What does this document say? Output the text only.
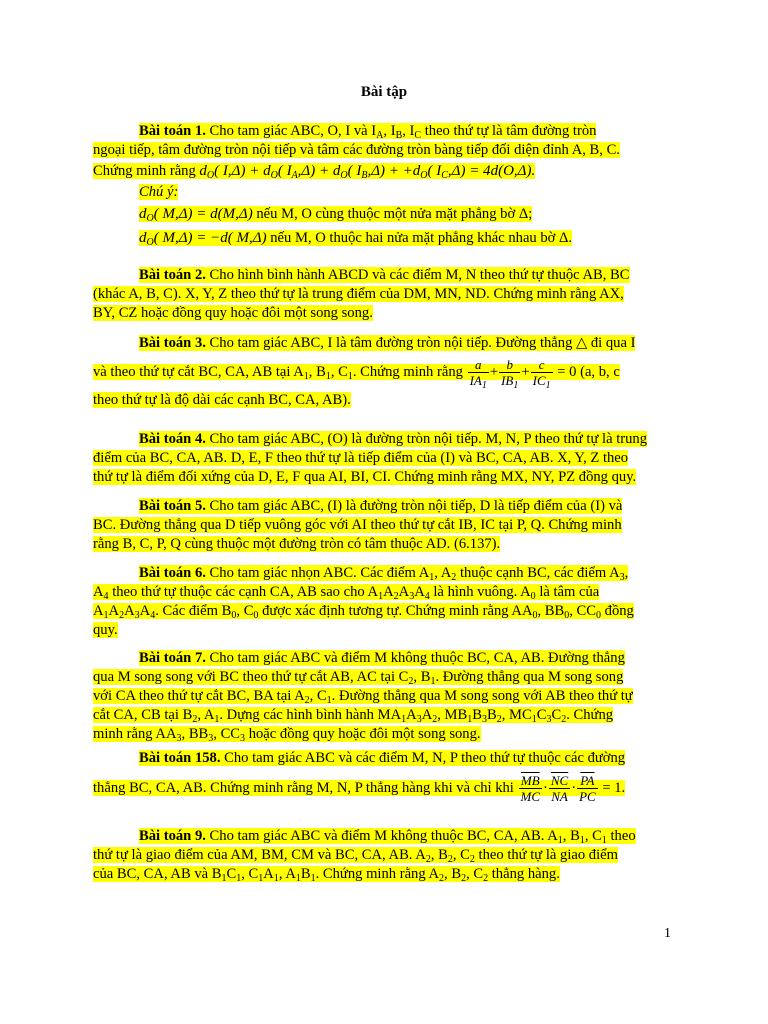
Bài tập
Bài toán 1. Cho tam giác ABC, O, I và $I_A$, $I_B$, $I_C$ theo thứ tự là tâm đường tròn
ngoại tiếp, tâm đường tròn nội tiếp và tâm các đường tròn bàng tiếp đối diện đỉnh A, B, C.
Chứng minh rằng $d_O$( $I,\Delta) + d_O$( $I_A,\Delta) + d_O$( $I_B,\Delta) + +d_O$( $I_C,\Delta) = 4d(O,\Delta)$.
Chú ý:
$d_O$( M,Δ) = d(M,Δ) nếu M, O cùng thuộc một nửa mặt phẳng bờ Δ;
$d_O$( M,Δ) = −d( M,Δ) nếu M, O thuộc hai nửa mặt phẳng khác nhau bờ Δ.
Bài toán 2. Cho hình bình hành ABCD và các điểm M, N theo thứ tự thuộc AB, BC
(khác A, B, C). X, Y, Z theo thứ tự là trung điểm của DM, MN, ND. Chứng minh rằng AX,
BY, CZ hoặc đồng quy hoặc đôi một song song.
Bài toán 3. Cho tam giác ABC, I là tâm đường tròn nội tiếp. Đường thẳng △ đi qua I
và theo thứ tự cắt BC, CA, AB tại $A_1$, $B_1$, $C_1$. Chứng minh rằng $\frac{a}{IA_1} + \frac{b}{IB_1} + \frac{c}{IC_1} = 0$ (a, b, c
theo thứ tự là độ dài các cạnh BC, CA, AB).
Bài toán 4. Cho tam giác ABC, (O) là đường tròn nội tiếp. M, N, P theo thứ tự là trung
điểm của BC, CA, AB. D, E, F theo thứ tự là tiếp điểm của (I) và BC, CA, AB. X, Y, Z theo
thứ tự là điểm đối xứng của D, E, F qua AI, BI, CI. Chứng minh rằng MX, NY, PZ đồng quy.
Bài toán 5. Cho tam giác ABC, (I) là đường tròn nội tiếp, D là tiếp điểm của (I) và
BC. Đường thẳng qua D tiếp vuông góc với AI theo thứ tự cắt IB, IC tại P, Q. Chứng minh
rằng B, C, P, Q cùng thuộc một đường tròn có tâm thuộc AD. (6.137).
Bài toán 6. Cho tam giác nhọn ABC. Các điểm $A_1$, $A_2$ thuộc cạnh BC, các điểm $A_3$,
$A_4$ theo thứ tự thuộc các cạnh CA, AB sao cho $A_1A_2A_3A_4$ là hình vuông. $A_0$ là tâm của
$A_1A_2A_3A_4$. Các điểm $B_0$, $C_0$ được xác định tương tự. Chứng minh rằng $AA_0$, $BB_0$, $CC_0$ đồng
quy.
Bài toán 7. Cho tam giác ABC và điểm M không thuộc BC, CA, AB. Đường thẳng
qua M song song với BC theo thứ tự cắt AB, AC tại $C_2$, $B_1$. Đường thẳng qua M song song
với CA theo thứ tự cắt BC, BA tại $A_2$, $C_1$. Đường thẳng qua M song song với AB theo thứ tự
cắt CA, CB tại $B_2$, $A_1$. Dựng các hình bình hành $MA_1A_3A_2$, $MB_1B_3B_2$, $MC_1C_3C_2$. Chứng
minh rằng $AA_3$, $BB_3$, $CC_3$ hoặc đồng quy hoặc đôi một song song.
Bài toán 158. Cho tam giác ABC và các điểm M, N, P theo thứ tự thuộc các đường
thẳng BC, CA, AB. Chứng minh rằng M, N, P thẳng hàng khi và chỉ khi $\frac{\overline{MB}}{MC} \cdot \frac{\overline{NC}}{NA} \cdot \frac{\overline{PA}}{PC} = 1$.
Bài toán 9. Cho tam giác ABC và điểm M không thuộc BC, CA, AB. $A_1$, $B_1$, $C_1$ theo
thứ tự là giao điểm của AM, BM, CM và BC, CA, AB. $A_2$, $B_2$, $C_2$ theo thứ tự là giao điểm
của BC, CA, AB và $B_1C_1$, $C_1A_1$, $A_1B_1$. Chứng minh rằng $A_2$, $B_2$, $C_2$ thẳng hàng.
1
